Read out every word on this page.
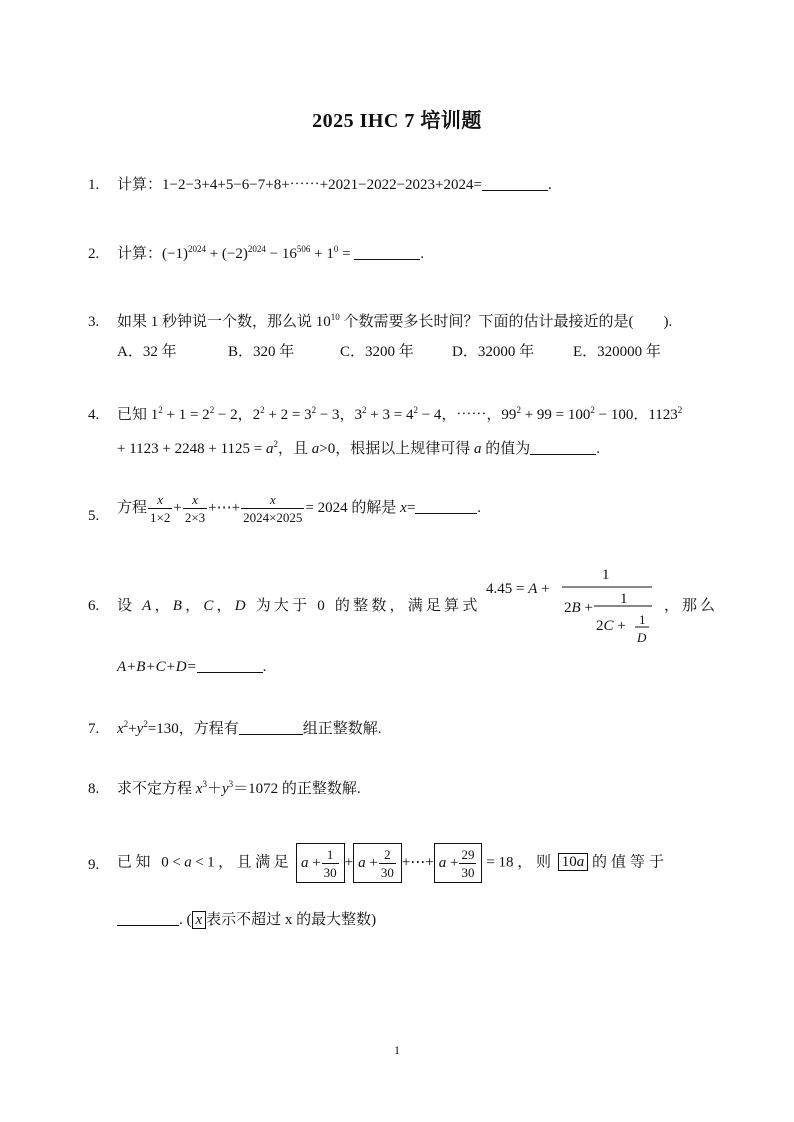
2025 IHC 7 培训题
1. 计算：1−2−3+4+5−6−7+8+⋯⋯+2021−2022−2023+2024=	.
2. 计算：$(-1)^{2024} + (-2)^{2024} - 16^{506} + 1^0$ =	.
3. 如果 1 秒钟说一个数，那么说 $10^{10}$ 个数需要多长时间？下面的估计最接近的是(　　).
A．32 年	B．320 年	C．3200 年	D．32000 年	E．320000 年
4. 已知 $1^2 + 1 = 2^2 - 2$，$2^2 + 2 = 3^2 - 3$，$3^2 + 3 = 4^2 - 4$，⋯⋯，$99^2 + 99 = 100^2 - 100$．$1123^2$
+ $1123 + 2248 + 1125 = a^2$，且 a>0，根据以上规律可得 a 的值为	.
5.
方程 $\frac{x}{1\times 2} + \frac{x}{2\times 3}$ +⋯+ $\frac{x}{2024\times 2025} = 2024$ 的解是 x=	.
6. 设 A，B，C，D 为大于 0 的整数，满足算式
4.45 = A +
1
2B +
1
2C + 1
D
，那么
A+B+C+D=	.
7. $x^2+y^2=130$，方程有	组正整数解.
8. 求不定方程 $x^3+y^3=1072$ 的正整数解.
9. 已知 0<a<1，且满足 $a + \frac{1}{30} + a + \frac{2}{30}$ +⋯+ $a + \frac{29}{30} = 18$ ， 则 10a 的值等于
. ( x 表示不超过 x 的最大整数)
1
